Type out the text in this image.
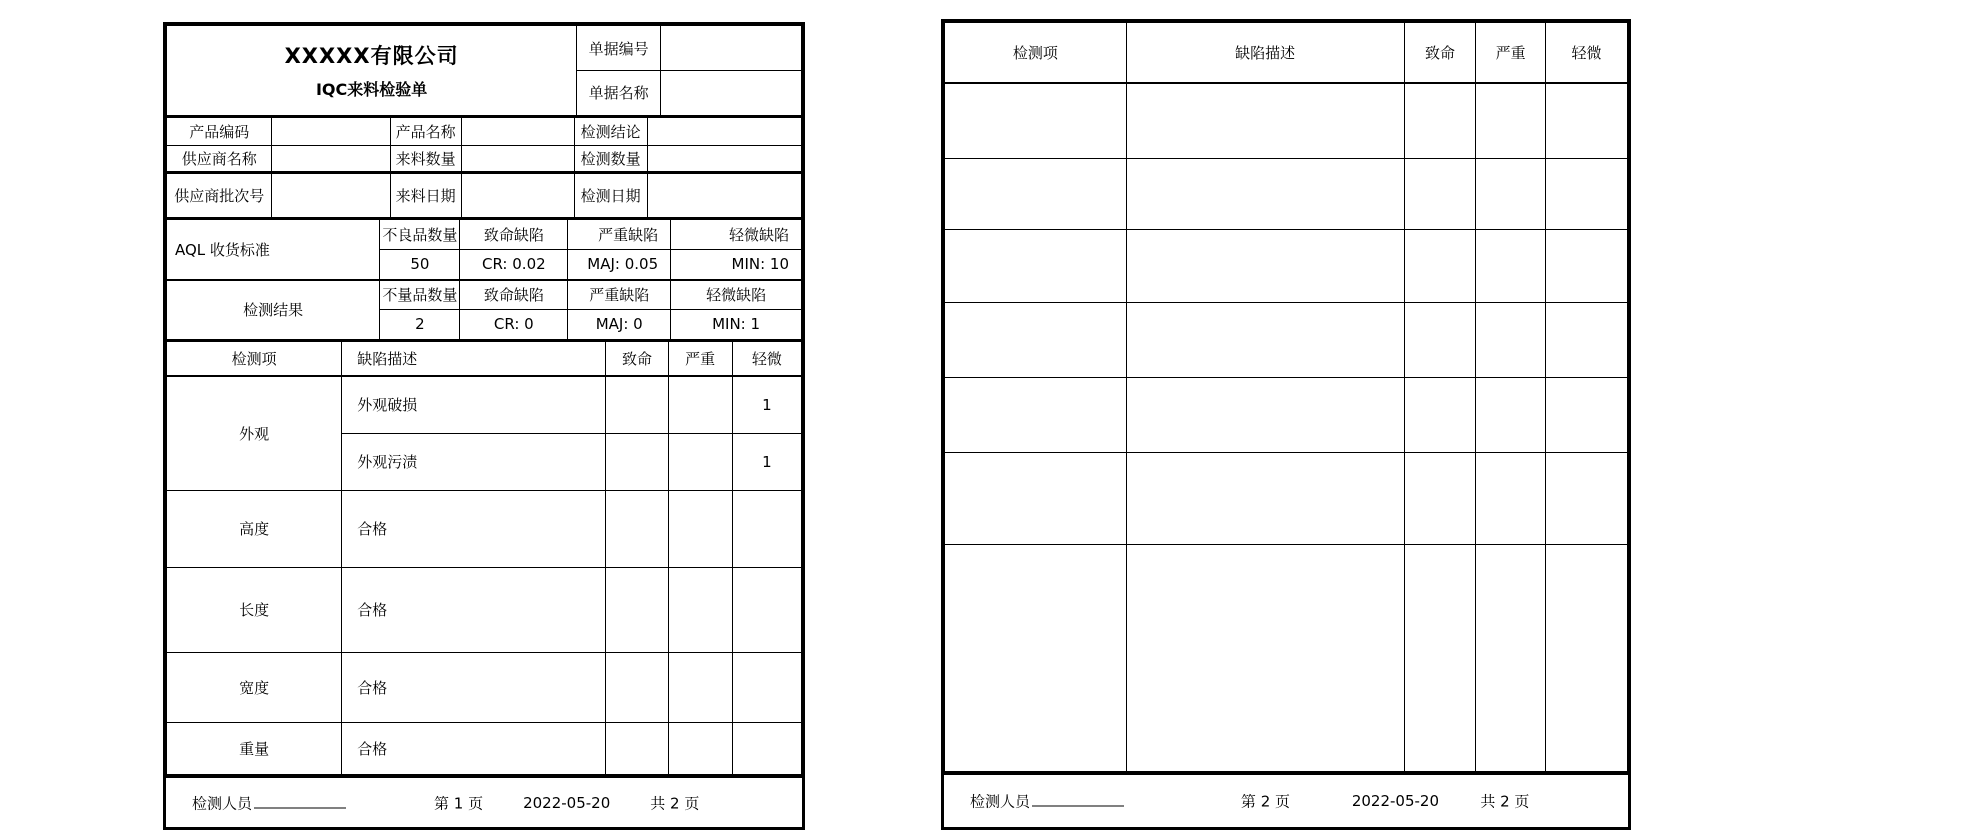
XXXXX有限公司
IQC来料检验单	单据编号	
	单据名称	
产品编码		产品名称		检测结论	
供应商名称		来料数量		检测数量	
供应商批次号		来料日期		检测日期	
AQL 收货标准	不良品数量	致命缺陷	严重缺陷	轻微缺陷
	50	CR: 0.02	MAJ: 0.05	MIN: 10
检测结果	不量品数量	致命缺陷	严重缺陷	轻微缺陷
	2	CR: 0	MAJ: 0	MIN: 1
检测项	缺陷描述	致命	严重	轻微
外观	外观破损			1
	外观污渍			1
高度	合格			
长度	合格			
宽度	合格			
重量	合格			
检测人员	第 1 页	2022-05-20	共 2 页
检测项	缺陷描述	致命	严重	轻微

检测人员	第 2 页	2022-05-20	共 2 页
